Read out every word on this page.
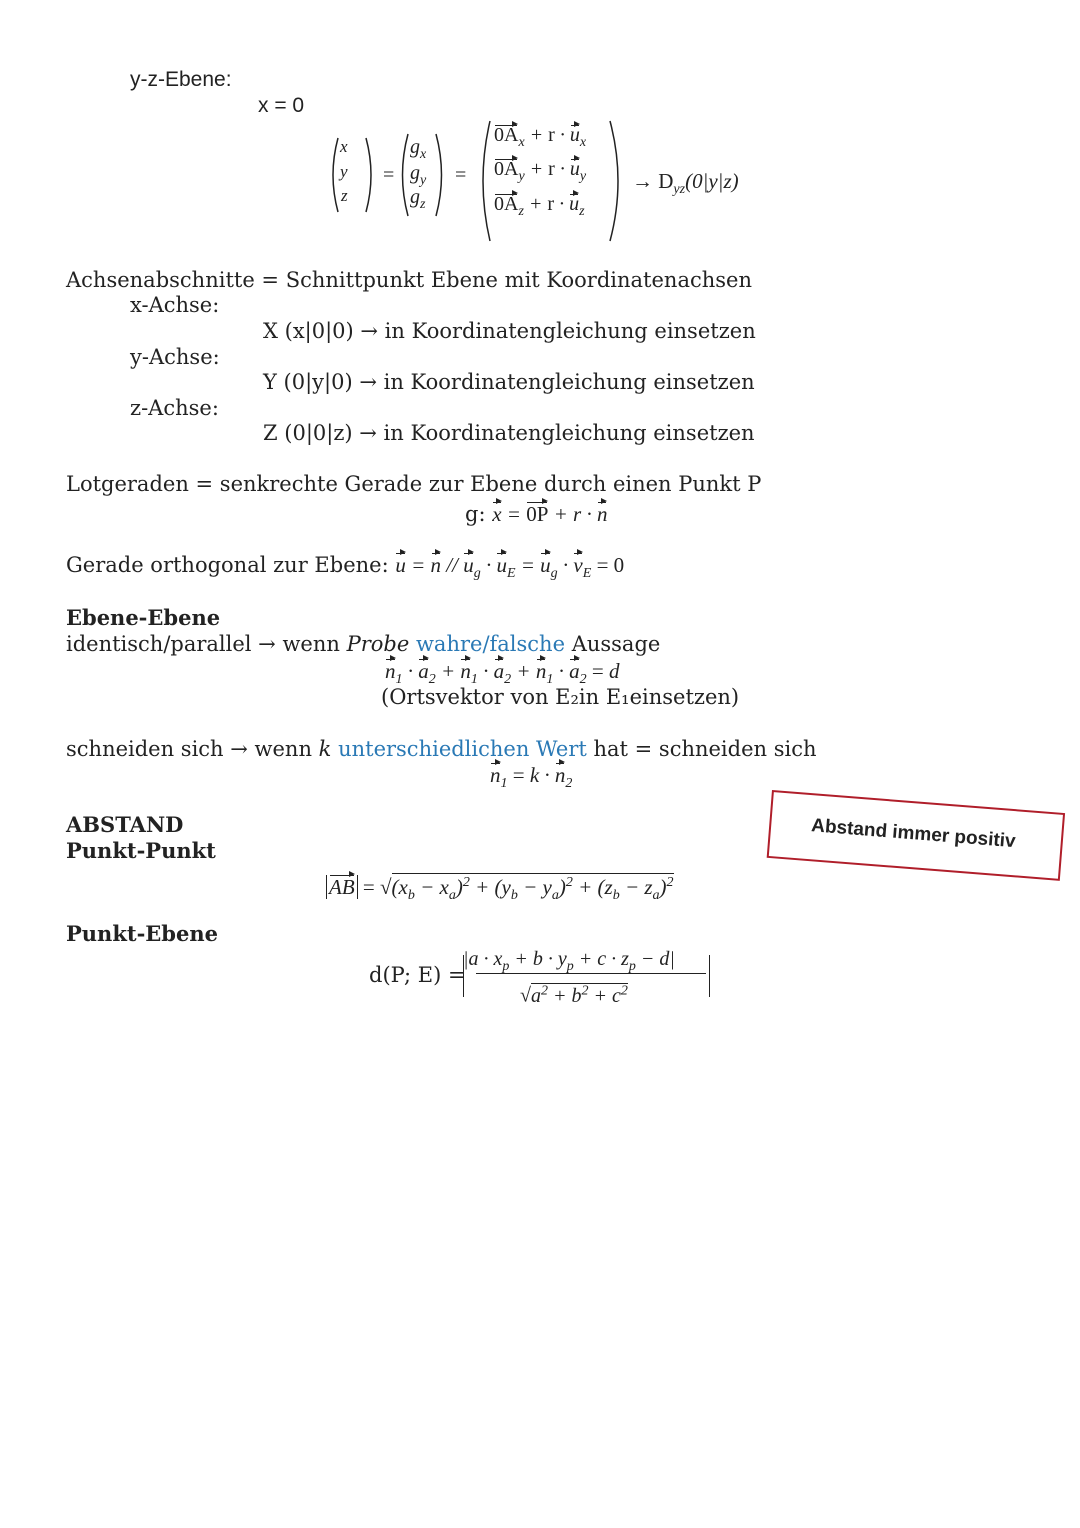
y-z-Ebene:
x = 0
x
y
z
=
$g_x$
$g_y$
$g_z$
=
$0A_x + r \cdot u_x$
$0A_y + r \cdot u_y$
$0A_z + r \cdot u_z$
→ $D_{yz}(0|y|z)$
Achsenabschnitte = Schnittpunkt Ebene mit Koordinatenachsen
x-Achse:
X (x|0|0) → in Koordinatengleichung einsetzen
y-Achse:
Y (0|y|0) → in Koordinatengleichung einsetzen
z-Achse:
Z (0|0|z) → in Koordinatengleichung einsetzen
Lotgeraden = senkrechte Gerade zur Ebene durch einen Punkt P
g: x = 0P + r · n
Gerade orthogonal zur Ebene: $u = n // u_g \cdot u_E = u_g \cdot v_E = 0$
Ebene-Ebene
identisch/parallel → wenn Probe wahre/falsche Aussage
$n_1 \cdot a_2 + n_1 \cdot a_2 + n_1 \cdot a_2 = d$
(Ortsvektor von E₂in E₁einsetzen)
schneiden sich → wenn k unterschiedlichen Wert hat = schneiden sich
$n_1 = k \cdot n_2$
ABSTAND
Punkt-Punkt
AB = $√(x_b - x_a)^2 + (y_b - y_a)^2 + (z_b - z_a)^2$
Punkt-Ebene
d(P; E) =
$|a \cdot x_p + b \cdot y_p + c \cdot z_p - d|$
$√a^2 + b^2 + c^2$
Abstand immer positiv
